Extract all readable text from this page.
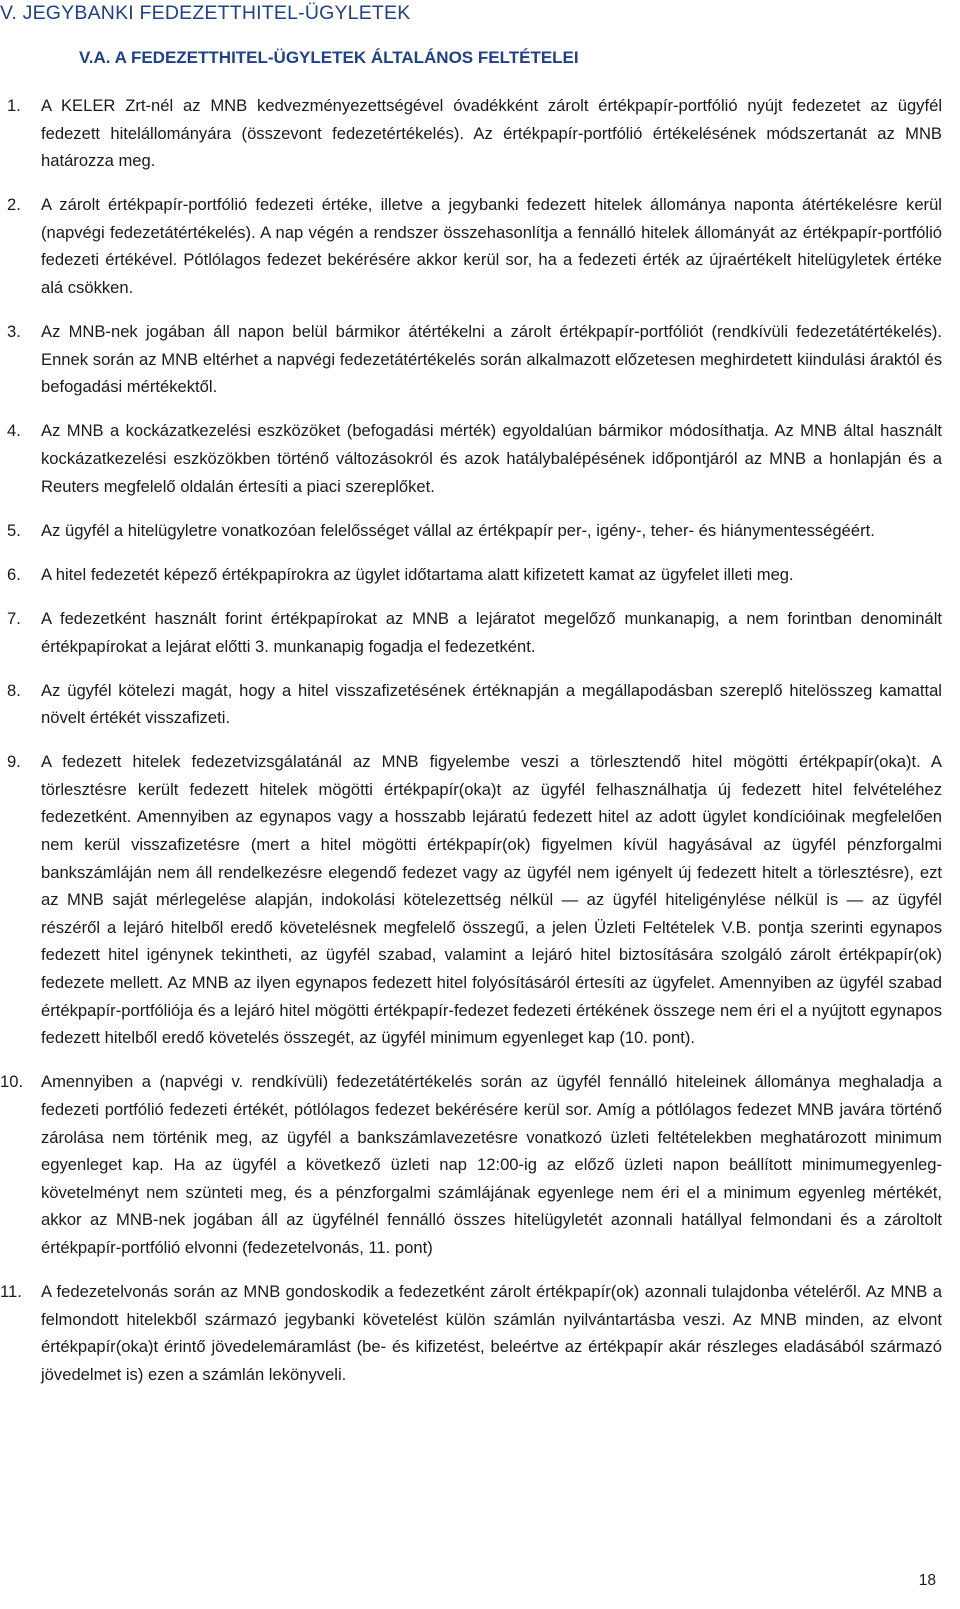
V. JEGYBANKI FEDEZETTHITEL-ÜGYLETEK
V.A. A FEDEZETTHITEL-ÜGYLETEK ÁLTALÁNOS FELTÉTELEI
1.	A KELER Zrt-nél az MNB kedvezményezettségével óvadékként zárolt értékpapír-portfólió nyújt fedezetet az ügyfél fedezett hitelállományára (összevont fedezetértékelés). Az értékpapír-portfólió értékelésének módszertanát az MNB határozza meg.
2.	A zárolt értékpapír-portfólió fedezeti értéke, illetve a jegybanki fedezett hitelek állománya naponta átértékelésre kerül (napvégi fedezetátértékelés). A nap végén a rendszer összehasonlítja a fennálló hitelek állományát az értékpapír-portfólió fedezeti értékével. Pótlólagos fedezet bekérésére akkor kerül sor, ha a fedezeti érték az újraértékelt hitelügyletek értéke alá csökken.
3.	Az MNB-nek jogában áll napon belül bármikor átértékelni a zárolt értékpapír-portfóliót (rendkívüli fedezetátértékelés). Ennek során az MNB eltérhet a napvégi fedezetátértékelés során alkalmazott előzetesen meghirdetett kiindulási áraktól és befogadási mértékektől.
4.	Az MNB a kockázatkezelési eszközöket (befogadási mérték) egyoldalúan bármikor módosíthatja. Az MNB által használt kockázatkezelési eszközökben történő változásokról és azok hatálybalépésének időpontjáról az MNB a honlapján és a Reuters megfelelő oldalán értesíti a piaci szereplőket.
5.	Az ügyfél a hitelügyletre vonatkozóan felelősséget vállal az értékpapír per-, igény-, teher- és hiánymentességéért.
6.	A hitel fedezetét képező értékpapírokra az ügylet időtartama alatt kifizetett kamat az ügyfelet illeti meg.
7.	A fedezetként használt forint értékpapírokat az MNB a lejáratot megelőző munkanapig, a nem forintban denominált értékpapírokat a lejárat előtti 3. munkanapig fogadja el fedezetként.
8.	Az ügyfél kötelezi magát, hogy a hitel visszafizetésének értéknapján a megállapodásban szereplő hitelösszeg kamattal növelt értékét visszafizeti.
9.	A fedezett hitelek fedezetvizsgálatánál az MNB figyelembe veszi a törlesztendő hitel mögötti értékpapír(oka)t. A törlesztésre került fedezett hitelek mögötti értékpapír(oka)t az ügyfél felhasználhatja új fedezett hitel felvételéhez fedezetként. Amennyiben az egynapos vagy a hosszabb lejáratú fedezett hitel az adott ügylet kondícióinak megfelelően nem kerül visszafizetésre (mert a hitel mögötti értékpapír(ok) figyelmen kívül hagyásával az ügyfél pénzforgalmi bankszámláján nem áll rendelkezésre elegendő fedezet vagy az ügyfél nem igényelt új fedezett hitelt a törlesztésre), ezt az MNB saját mérlegelése alapján, indokolási kötelezettség nélkül — az ügyfél hiteligénylése nélkül is — az ügyfél részéről a lejáró hitelből eredő követelésnek megfelelő összegű, a jelen Üzleti Feltételek V.B. pontja szerinti egynapos fedezett hitel igénynek tekintheti, az ügyfél szabad, valamint a lejáró hitel biztosítására szolgáló zárolt értékpapír(ok) fedezete mellett. Az MNB az ilyen egynapos fedezett hitel folyósításáról értesíti az ügyfelet. Amennyiben az ügyfél szabad értékpapír-portfóliója és a lejáró hitel mögötti értékpapír-fedezet fedezeti értékének összege nem éri el a nyújtott egynapos fedezett hitelből eredő követelés összegét, az ügyfél minimum egyenleget kap (10. pont).
10.	Amennyiben a (napvégi v. rendkívüli) fedezetátértékelés során az ügyfél fennálló hiteleinek állománya meghaladja a fedezeti portfólió fedezeti értékét, pótlólagos fedezet bekérésére kerül sor. Amíg a pótlólagos fedezet MNB javára történő zárolása nem történik meg, az ügyfél a bankszámlavezetésre vonatkozó üzleti feltételekben meghatározott minimum egyenleget kap. Ha az ügyfél a következő üzleti nap 12:00-ig az előző üzleti napon beállított minimumegyenleg-követelményt nem szünteti meg, és a pénzforgalmi számlájának egyenlege nem éri el a minimum egyenleg mértékét, akkor az MNB-nek jogában áll az ügyfélnél fennálló összes hitelügyletét azonnali hatállyal felmondani és a zároltolt értékpapír-portfólió elvonni (fedezetelvonás, 11. pont)
11.	A fedezetelvonás során az MNB gondoskodik a fedezetként zárolt értékpapír(ok) azonnali tulajdonba vételéről. Az MNB a felmondott hitelekből származó jegybanki követelést külön számlán nyilvántartásba veszi. Az MNB minden, az elvont értékpapír(oka)t érintő jövedelemáramlást (be- és kifizetést, beleértve az értékpapír akár részleges eladásából származó jövedelmet is) ezen a számlán lekönyveli.
18
